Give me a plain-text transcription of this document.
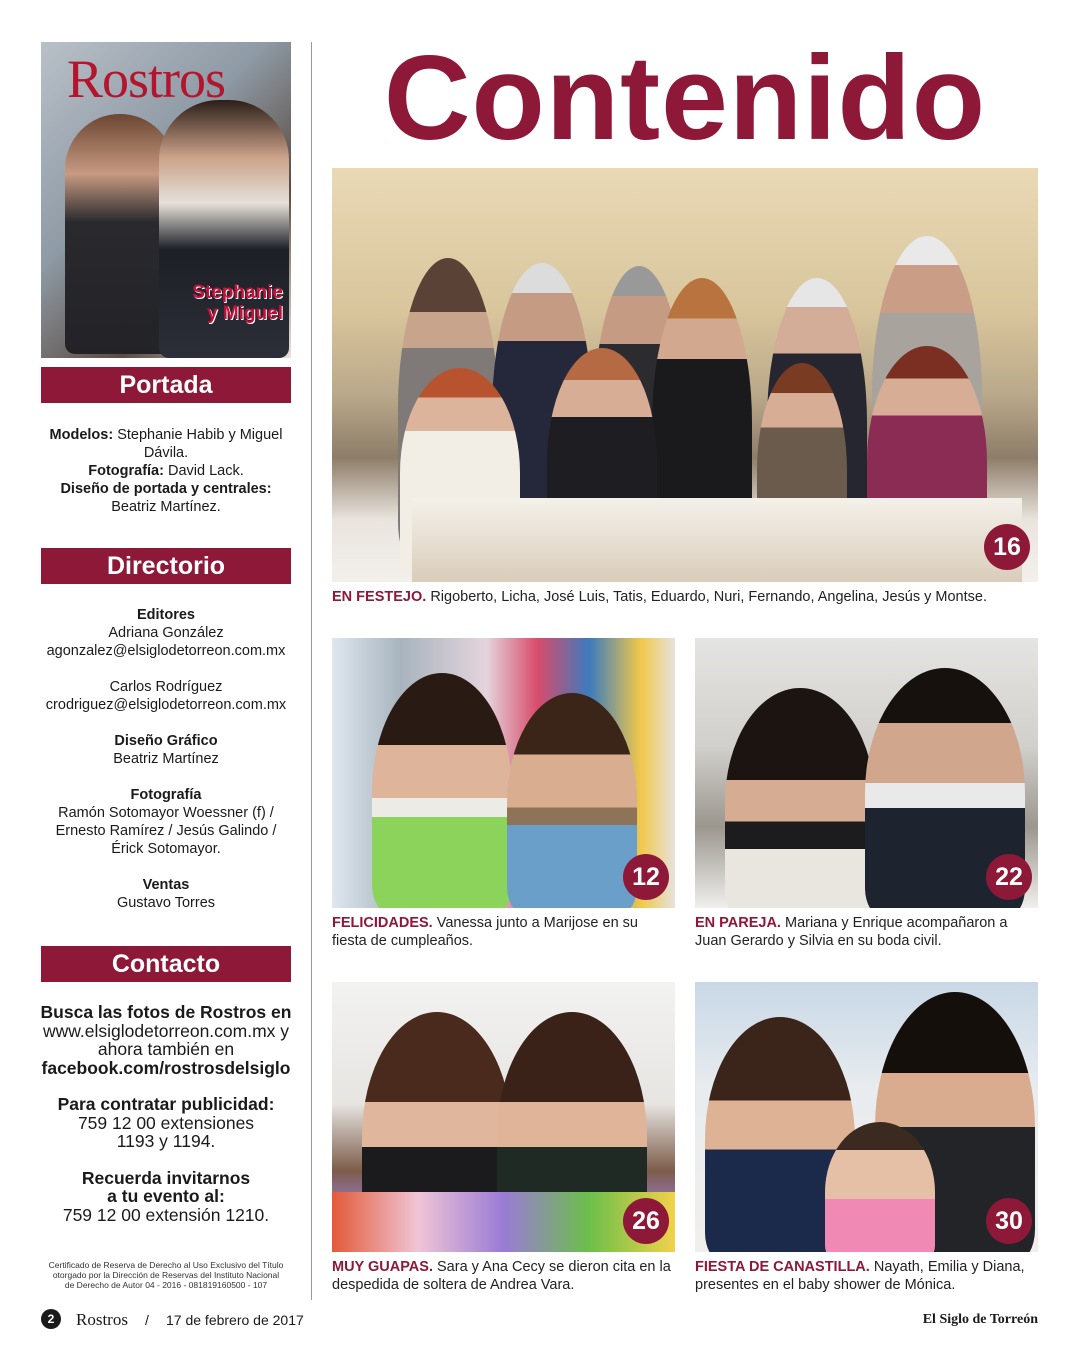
Rostros
Stephanie
y Miguel
Portada
Modelos: Stephanie Habib y Miguel Dávila.
Fotografía: David Lack.
Diseño de portada y centrales:
Beatriz Martínez.
Directorio
Editores
Adriana González
agonzalez@elsiglodetorreon.com.mx
Carlos Rodríguez
crodriguez@elsiglodetorreon.com.mx
Diseño Gráfico
Beatriz Martínez
Fotografía
Ramón Sotomayor Woessner (f) /
Ernesto Ramírez / Jesús Galindo /
Érick Sotomayor.
Ventas
Gustavo Torres
Contacto
Busca las fotos de Rostros en
www.elsiglodetorreon.com.mx y
ahora también en
facebook.com/rostrosdelsiglo
Para contratar publicidad:
759 12 00 extensiones
1193 y 1194.
Recuerda invitarnos
a tu evento al:
759 12 00 extensión 1210.
Certificado de Reserva de Derecho al Uso Exclusivo del Título
otorgado por la Dirección de Reservas del Instituto Nacional
de Derecho de Autor 04 - 2016 - 081819160500 - 107
Contenido
16
EN FESTEJO. Rigoberto, Licha, José Luis, Tatis, Eduardo, Nuri, Fernando, Angelina, Jesús y Montse.
12
FELICIDADES. Vanessa junto a Marijose en su fiesta de cumpleaños.
22
EN PAREJA. Mariana y Enrique acompañaron a Juan Gerardo y Silvia en su boda civil.
26
MUY GUAPAS. Sara y Ana Cecy se dieron cita en la despedida de soltera de Andrea Vara.
30
FIESTA DE CANASTILLA. Nayath, Emilia y Diana, presentes en el baby shower de Mónica.
2	Rostros / 17 de febrero de 2017	El Siglo de Torreón
